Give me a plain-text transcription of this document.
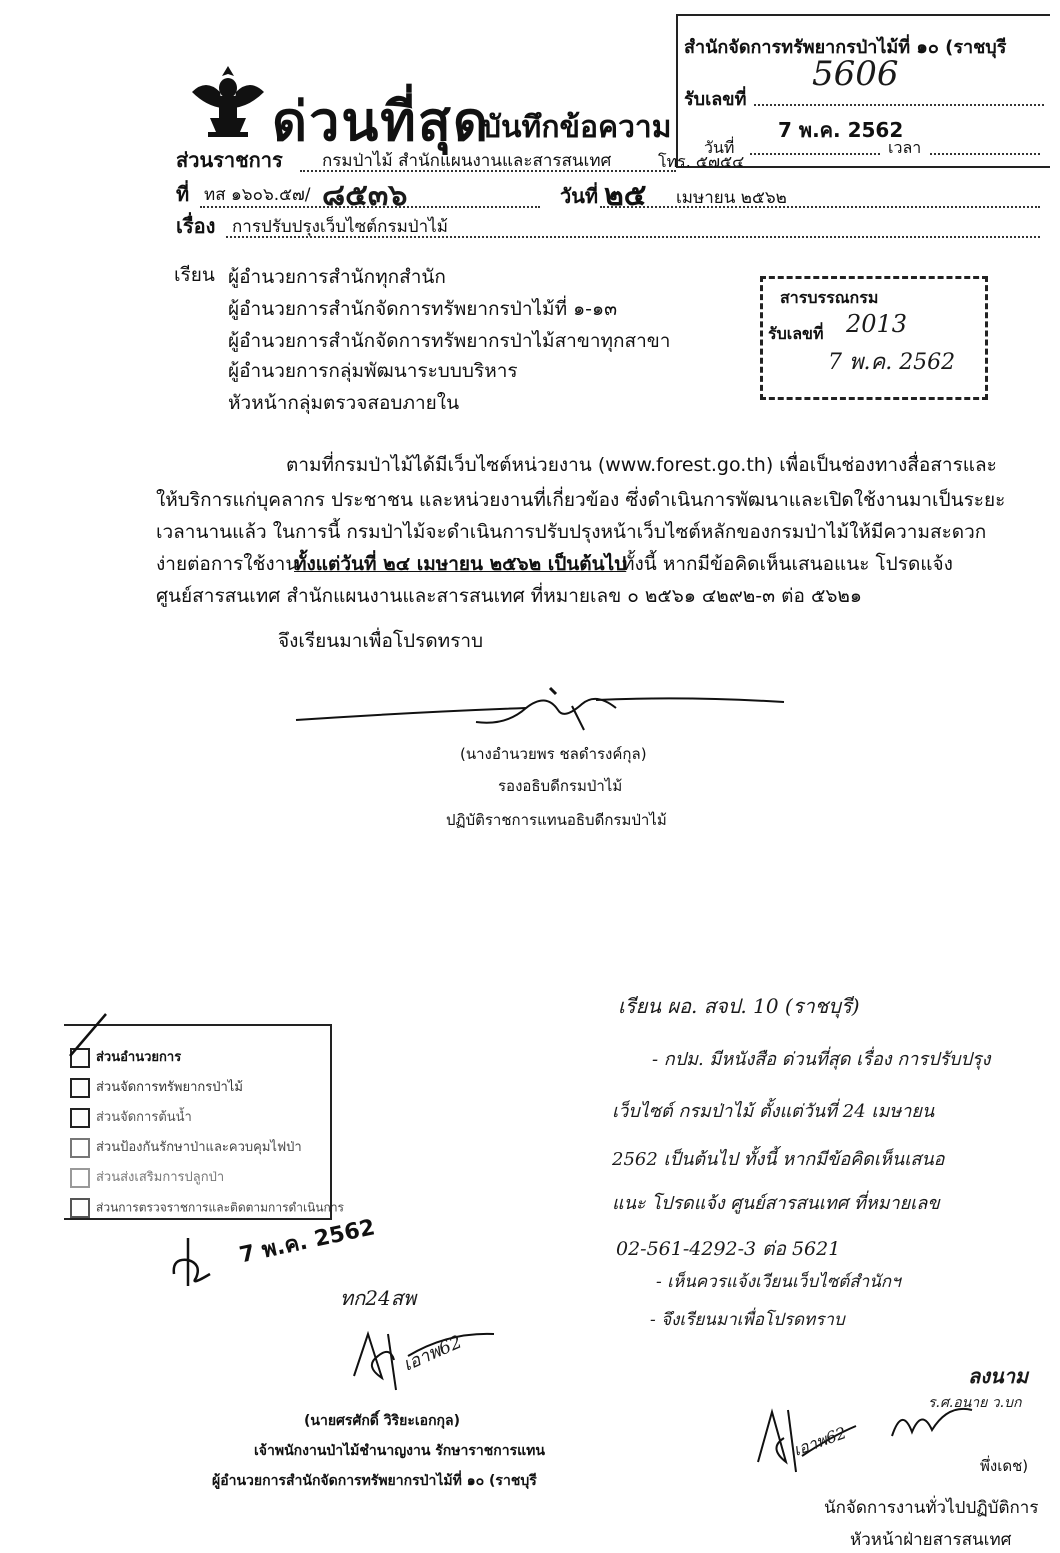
ด่วนที่สุด
บันทึกข้อความ
สำนักจัดการทรัพยากรป่าไม้ที่ ๑๐ (ราชบุรี
รับเลขที่
5606
7 พ.ค. 2562
วันที่	เวลา
ส่วนราชการ กรมป่าไม้ สำนักแผนงานและสารสนเทศ	โทร. ๕๗๕๔
ที่ ทส ๑๖๐๖.๕๗/ ๘๕๓๖	วันที่ ๒๕ เมษายน ๒๕๖๒
เรื่อง การปรับปรุงเว็บไซต์กรมป่าไม้
เรียน ผู้อำนวยการสำนักทุกสำนัก
ผู้อำนวยการสำนักจัดการทรัพยากรป่าไม้ที่ ๑-๑๓
ผู้อำนวยการสำนักจัดการทรัพยากรป่าไม้สาขาทุกสาขา
ผู้อำนวยการกลุ่มพัฒนาระบบบริหาร
หัวหน้ากลุ่มตรวจสอบภายใน
สารบรรณกรม
รับเลขที่ 2013
7 พ.ค. 2562
ตามที่กรมป่าไม้ได้มีเว็บไซต์หน่วยงาน (www.forest.go.th) เพื่อเป็นช่องทางสื่อสารและ
ให้บริการแก่บุคลากร ประชาชน และหน่วยงานที่เกี่ยวข้อง ซึ่งดำเนินการพัฒนาและเปิดใช้งานมาเป็นระยะ
เวลานานแล้ว ในการนี้ กรมป่าไม้จะดำเนินการปรับปรุงหน้าเว็บไซต์หลักของกรมป่าไม้ให้มีความสะดวก
ง่ายต่อการใช้งาน
ทั้งแต่วันที่ ๒๔ เมษายน ๒๕๖๒ เป็นต้นไป
ทั้งนี้ หากมีข้อคิดเห็นเสนอแนะ โปรดแจ้ง
ศูนย์สารสนเทศ สำนักแผนงานและสารสนเทศ ที่หมายเลข ๐ ๒๕๖๑ ๔๒๙๒-๓ ต่อ ๕๖๒๑
จึงเรียนมาเพื่อโปรดทราบ
(นางอำนวยพร ชลดำรงค์กุล)
รองอธิบดีกรมป่าไม้
ปฏิบัติราชการแทนอธิบดีกรมป่าไม้
ส่วนอำนวยการ
ส่วนจัดการทรัพยากรป่าไม้
ส่วนจัดการต้นน้ำ
ส่วนป้องกันรักษาป่าและควบคุมไฟป่า
ส่วนส่งเสริมการปลูกป่า
ส่วนการตรวจราชการและติดตามการดำเนินการ
7 พ.ค. 2562
ทก24สพ
เอาพ62
(นายศรศักดิ์ วิริยะเอกกุล)
เจ้าพนักงานป่าไม้ชำนาญงาน รักษาราชการแทน
ผู้อำนวยการสำนักจัดการทรัพยากรป่าไม้ที่ ๑๐ (ราชบุรี
เรียน ผอ. สจป. 10 (ราชบุรี)
- กปม. มีหนังสือ ด่วนที่สุด เรื่อง การปรับปรุง
เว็บไซต์ กรมป่าไม้ ตั้งแต่วันที่ 24 เมษายน
2562 เป็นต้นไป ทั้งนี้ หากมีข้อคิดเห็นเสนอ
แนะ โปรดแจ้ง ศูนย์สารสนเทศ ที่หมายเลข
02-561-4292-3 ต่อ 5621
- เห็นควรแจ้งเวียนเว็บไซต์สำนักฯ
- จึงเรียนมาเพื่อโปรดทราบ
ลงนาม
ร.ศ.อนาย ว.บก
เอาพ62
พึ่งเดช)
นักจัดการงานทั่วไปปฏิบัติการ
หัวหน้าฝ่ายสารสนเทศ
